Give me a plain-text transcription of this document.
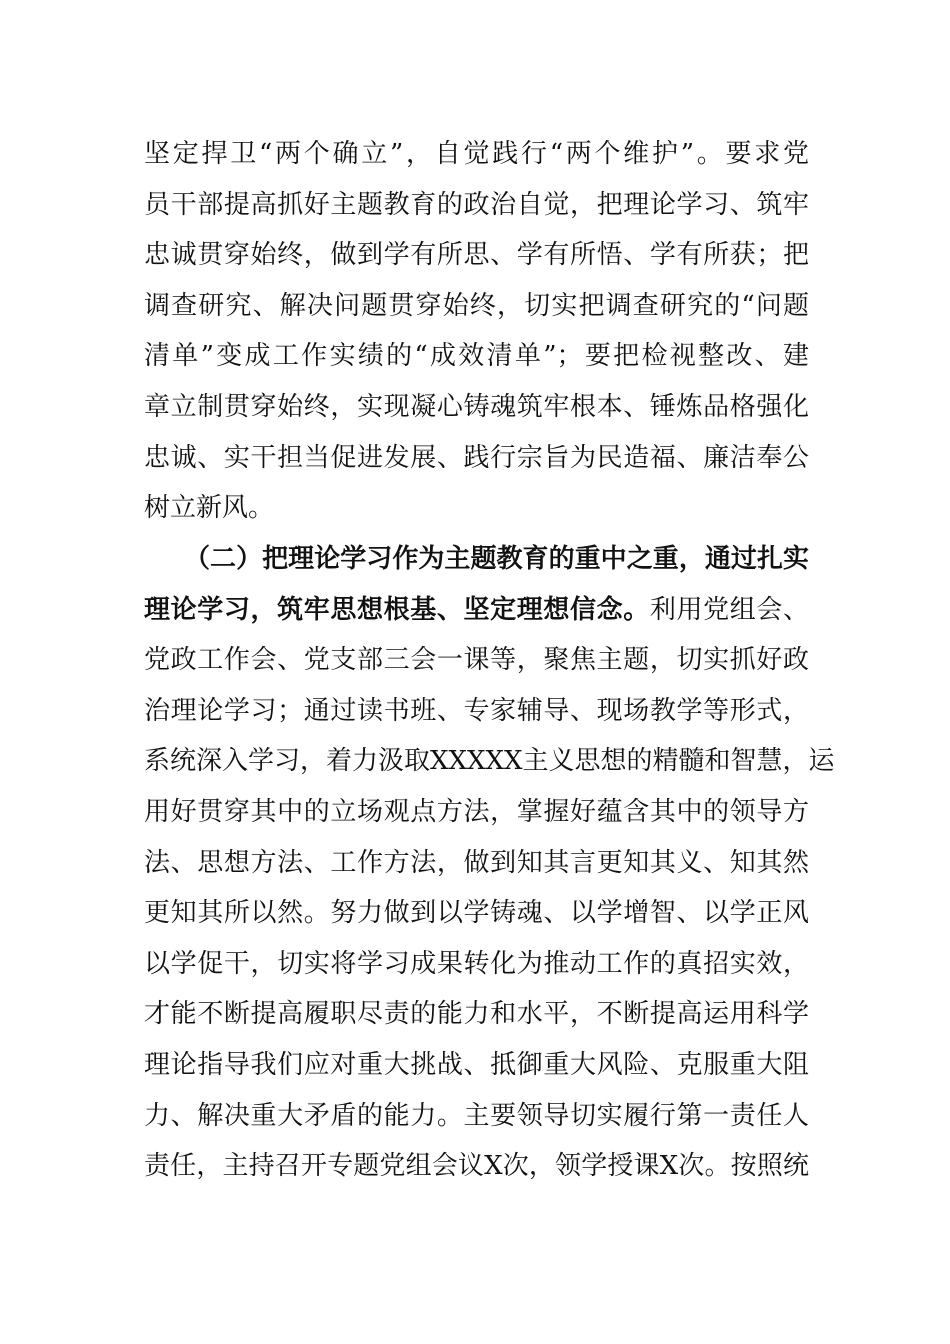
坚定捍卫“两个确立”，自觉践行“两个维护”。要求党
员干部提高抓好主题教育的政治自觉，把理论学习、筑牢
忠诚贯穿始终，做到学有所思、学有所悟、学有所获；把
调查研究、解决问题贯穿始终，切实把调查研究的“问题
清单”变成工作实绩的“成效清单”；要把检视整改、建
章立制贯穿始终，实现凝心铸魂筑牢根本、锤炼品格强化
忠诚、实干担当促进发展、践行宗旨为民造福、廉洁奉公
树立新风。
（二）把理论学习作为主题教育的重中之重，通过扎实
理论学习，筑牢思想根基、坚定理想信念。利用党组会、
党政工作会、党支部三会一课等，聚焦主题，切实抓好政
治理论学习；通过读书班、专家辅导、现场教学等形式，
系统深入学习，着力汲取XXXXX主义思想的精髓和智慧，运
用好贯穿其中的立场观点方法，掌握好蕴含其中的领导方
法、思想方法、工作方法，做到知其言更知其义、知其然
更知其所以然。努力做到以学铸魂、以学增智、以学正风
以学促干，切实将学习成果转化为推动工作的真招实效，
才能不断提高履职尽责的能力和水平，不断提高运用科学
理论指导我们应对重大挑战、抵御重大风险、克服重大阻
力、解决重大矛盾的能力。主要领导切实履行第一责任人
责任，主持召开专题党组会议X次，领学授课X次。按照统
